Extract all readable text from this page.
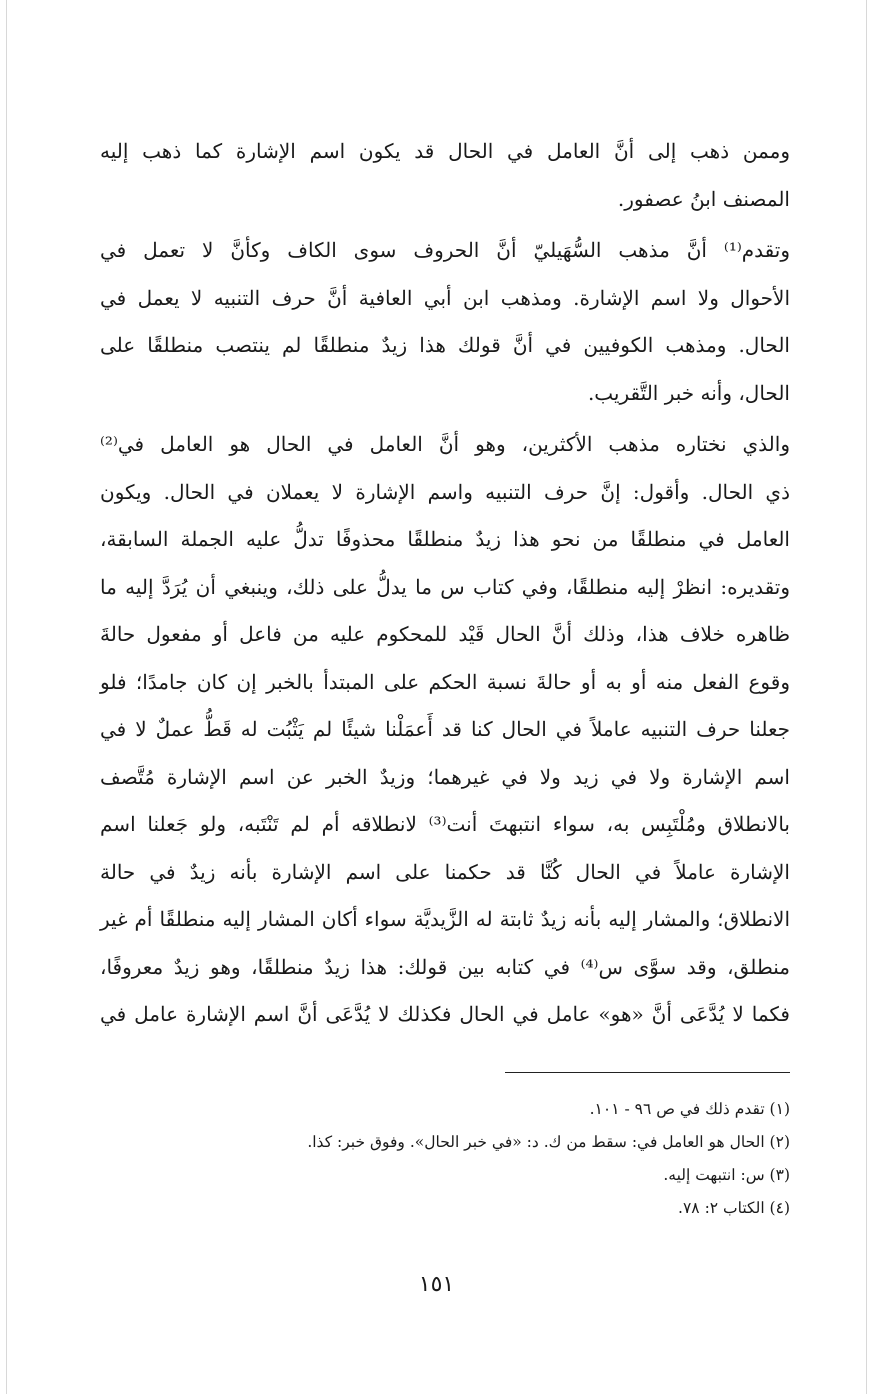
وممن ذهب إلى أنَّ العامل في الحال قد يكون اسم الإشارة كما ذهب إليه
المصنف ابنُ عصفور.

وتقدم⁽¹⁾ أنَّ مذهب السُّهَيليّ أنَّ الحروف سوى الكاف وكأنَّ لا تعمل في
الأحوال ولا اسم الإشارة. ومذهب ابن أبي العافية أنَّ حرف التنبيه لا يعمل في
الحال. ومذهب الكوفيين في أنَّ قولك هذا زيدٌ منطلقًا لم ينتصب منطلقًا على
الحال، وأنه خبر التَّقريب.

والذي نختاره مذهب الأكثرين، وهو أنَّ العامل في الحال هو العامل في⁽²⁾
ذي الحال. وأقول: إنَّ حرف التنبيه واسم الإشارة لا يعملان في الحال. ويكون
العامل في منطلقًا من نحو هذا زيدٌ منطلقًا محذوفًا تدلُّ عليه الجملة السابقة،
وتقديره: انظرْ إليه منطلقًا، وفي كتاب س ما يدلُّ على ذلك، وينبغي أن يُرَدَّ إليه ما
ظاهره خلاف هذا، وذلك أنَّ الحال قَيْد للمحكوم عليه من فاعل أو مفعول حالةَ
وقوع الفعل منه أو به أو حالةَ نسبة الحكم على المبتدأ بالخبر إن كان جامدًا؛ فلو
جعلنا حرف التنبيه عاملاً في الحال كنا قد أَعمَلْنا شيئًا لم يَثْبُت له قَطُّ عملٌ لا في
اسم الإشارة ولا في زيد ولا في غيرهما؛ وزيدٌ الخبر عن اسم الإشارة مُتَّصف
بالانطلاق ومُلْتَبِس به، سواء انتبهتَ أنت⁽³⁾ لانطلاقه أم لم تَنْتَبه، ولو جَعلنا اسم
الإشارة عاملاً في الحال كُنَّا قد حكمنا على اسم الإشارة بأنه زيدٌ في حالة
الانطلاق؛ والمشار إليه بأنه زيدٌ ثابتة له الزَّيديَّة سواء أكان المشار إليه منطلقًا أم غير
منطلق، وقد سوَّى س⁽⁴⁾ في كتابه بين قولك: هذا زيدٌ منطلقًا، وهو زيدٌ معروفًا،
فكما لا يُدَّعَى أنَّ «هو» عامل في الحال فكذلك لا يُدَّعَى أنَّ اسم الإشارة عامل في

(١) تقدم ذلك في ص ٩٦ - ١٠١.
(٢) الحال هو العامل في: سقط من ك. د: «في خبر الحال». وفوق خبر: كذا.
(٣) س: انتبهت إليه.
(٤) الكتاب ٢: ٧٨.
١٥١
